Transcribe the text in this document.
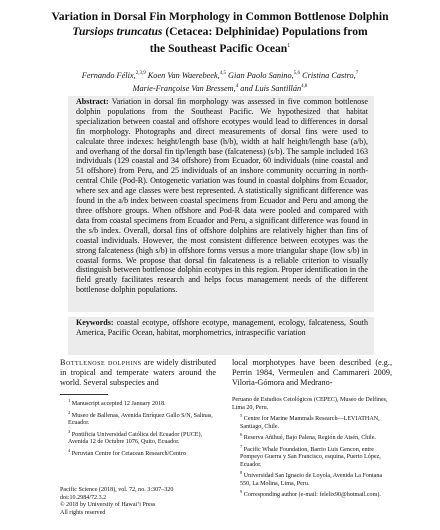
Variation in Dorsal Fin Morphology in Common Bottlenose Dolphin
Tursiops truncatus (Cetacea: Delphinidae) Populations from
the Southeast Pacific Ocean$^1$
Fernando Félix,$^{2,3,9}$ Koen Van Waerebeek,$^{4,5}$ Gian Paolo Sanino,$^{5,6}$ Cristina Castro,$^7$
Marie-Françoise Van Bressem,$^4$ and Luis Santillán$^{4,8}$
Abstract: Variation in dorsal fin morphology was assessed in five common bottlenose dolphin populations from the Southeast Pacific. We hypothesized that habitat specialization between coastal and offshore ecotypes would lead to differences in dorsal fin morphology. Photographs and direct measurements of dorsal fins were used to calculate three indexes: height/length base (h/b), width at half height/length base (a/b), and overhang of the dorsal fin tip/length base (falcateness) (s/b). The sample included 163 individuals (129 coastal and 34 offshore) from Ecuador, 60 individuals (nine coastal and 51 offshore) from Peru, and 25 individuals of an inshore community occurring in north-central Chile (Pod-R). Ontogenetic variation was found in coastal dolphins from Ecuador, where sex and age classes were best represented. A statistically significant difference was found in the a/b index between coastal specimens from Ecuador and Peru and among the three offshore groups. When offshore and Pod-R data were pooled and compared with data from coastal specimens from Ecuador and Peru, a significant difference was found in the s/b index. Overall, dorsal fins of offshore dolphins are relatively higher than fins of coastal individuals. However, the most consistent difference between ecotypes was the strong falcateness (high s/b) in offshore forms versus a more triangular shape (low s/b) in coastal forms. We propose that dorsal fin falcateness is a reliable criterion to visually distinguish between bottlenose dolphin ecotypes in this region. Proper identification in the field greatly facilitates research and helps focus management needs of the different bottlenose dolphin populations.
Keywords: coastal ecotype, offshore ecotype, management, ecology, falcateness, South America, Pacific Ocean, habitat, morphometrics, intraspecific variation
Bottlenose dolphins are widely distributed in tropical and temperate waters around the world. Several subspecies and
local morphotypes have been described (e.g., Perrin 1984, Vermeulen and Cammareri 2009, Viloria-Gómora and Medrano-

$^1$ Manuscript accepted 12 January 2018.

$^2$ Museo de Ballenas, Avenida Enríquez Gallo S/N, Salinas, Ecuador.

$^3$ Pontificia Universidad Católica del Ecuador (PUCE), Avenida 12 de Octubre 1076, Quito, Ecuador.

$^4$ Peruvian Centre for Cetacean Research/Centro

Peruano de Estudios Cetológicos (CEPEC), Museo de Delfines, Lima 20, Peru.

$^5$ Centre for Marine Mammals Research—LEVIATHAN, Santiago, Chile.

$^6$ Reserva Añihué, Bajo Palena, Región de Aisén, Chile.

$^7$ Pacific Whale Foundation, Barrio Luis Gencon, entre Pompeyo Guerra y San Francisco, esquina, Puerto López, Ecuador.

$^8$ Universidad San Ignacio de Loyola, Avenida La Fontana 550, La Molina, Lima, Peru.

$^9$ Corresponding author (e-mail: felelix90@hotmail.com).

Pacific Science (2018), vol. 72, no. 3:307–320
doi:10.2984/72.3.2
© 2018 by University of Hawai‘i Press
All rights reserved
